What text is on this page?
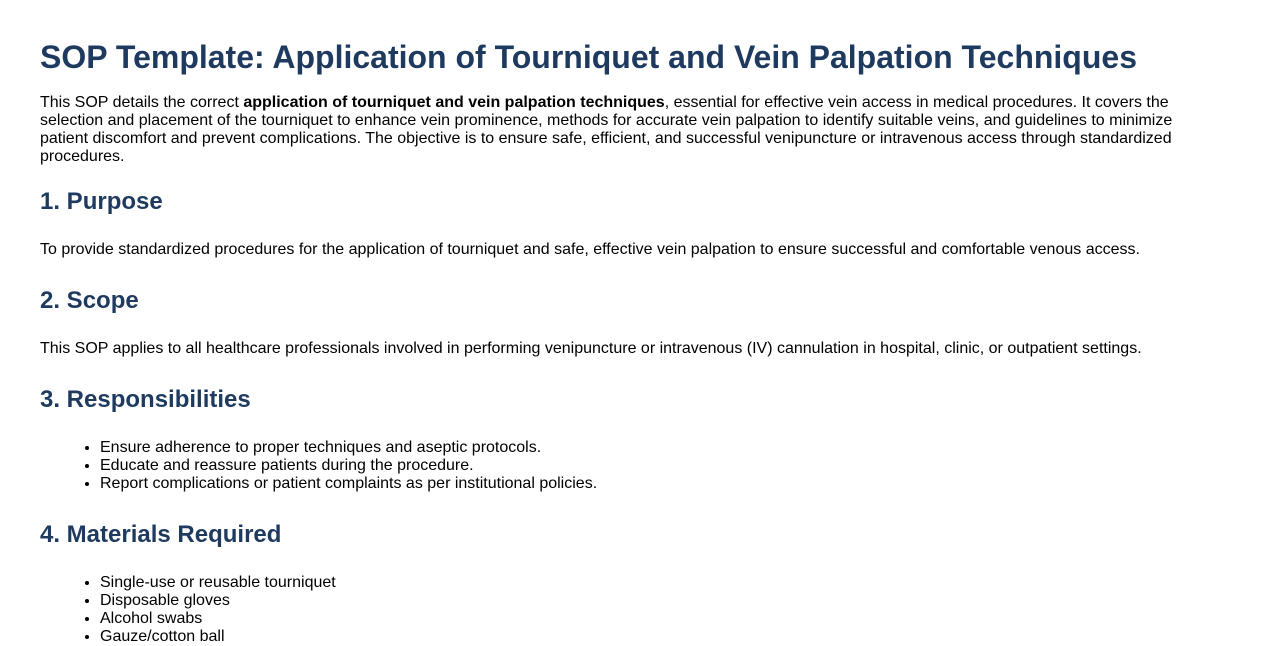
SOP Template: Application of Tourniquet and Vein Palpation Techniques

This SOP details the correct application of tourniquet and vein palpation techniques, essential for effective vein access in medical procedures. It covers the selection and placement of the tourniquet to enhance vein prominence, methods for accurate vein palpation to identify suitable veins, and guidelines to minimize patient discomfort and prevent complications. The objective is to ensure safe, efficient, and successful venipuncture or intravenous access through standardized procedures.

1. Purpose

To provide standardized procedures for the application of tourniquet and safe, effective vein palpation to ensure successful and comfortable venous access.

2. Scope

This SOP applies to all healthcare professionals involved in performing venipuncture or intravenous (IV) cannulation in hospital, clinic, or outpatient settings.

3. Responsibilities
• Ensure adherence to proper techniques and aseptic protocols.
• Educate and reassure patients during the procedure.
• Report complications or patient complaints as per institutional policies.
4. Materials Required
• Single-use or reusable tourniquet
• Disposable gloves
• Alcohol swabs
• Gauze/cotton ball
